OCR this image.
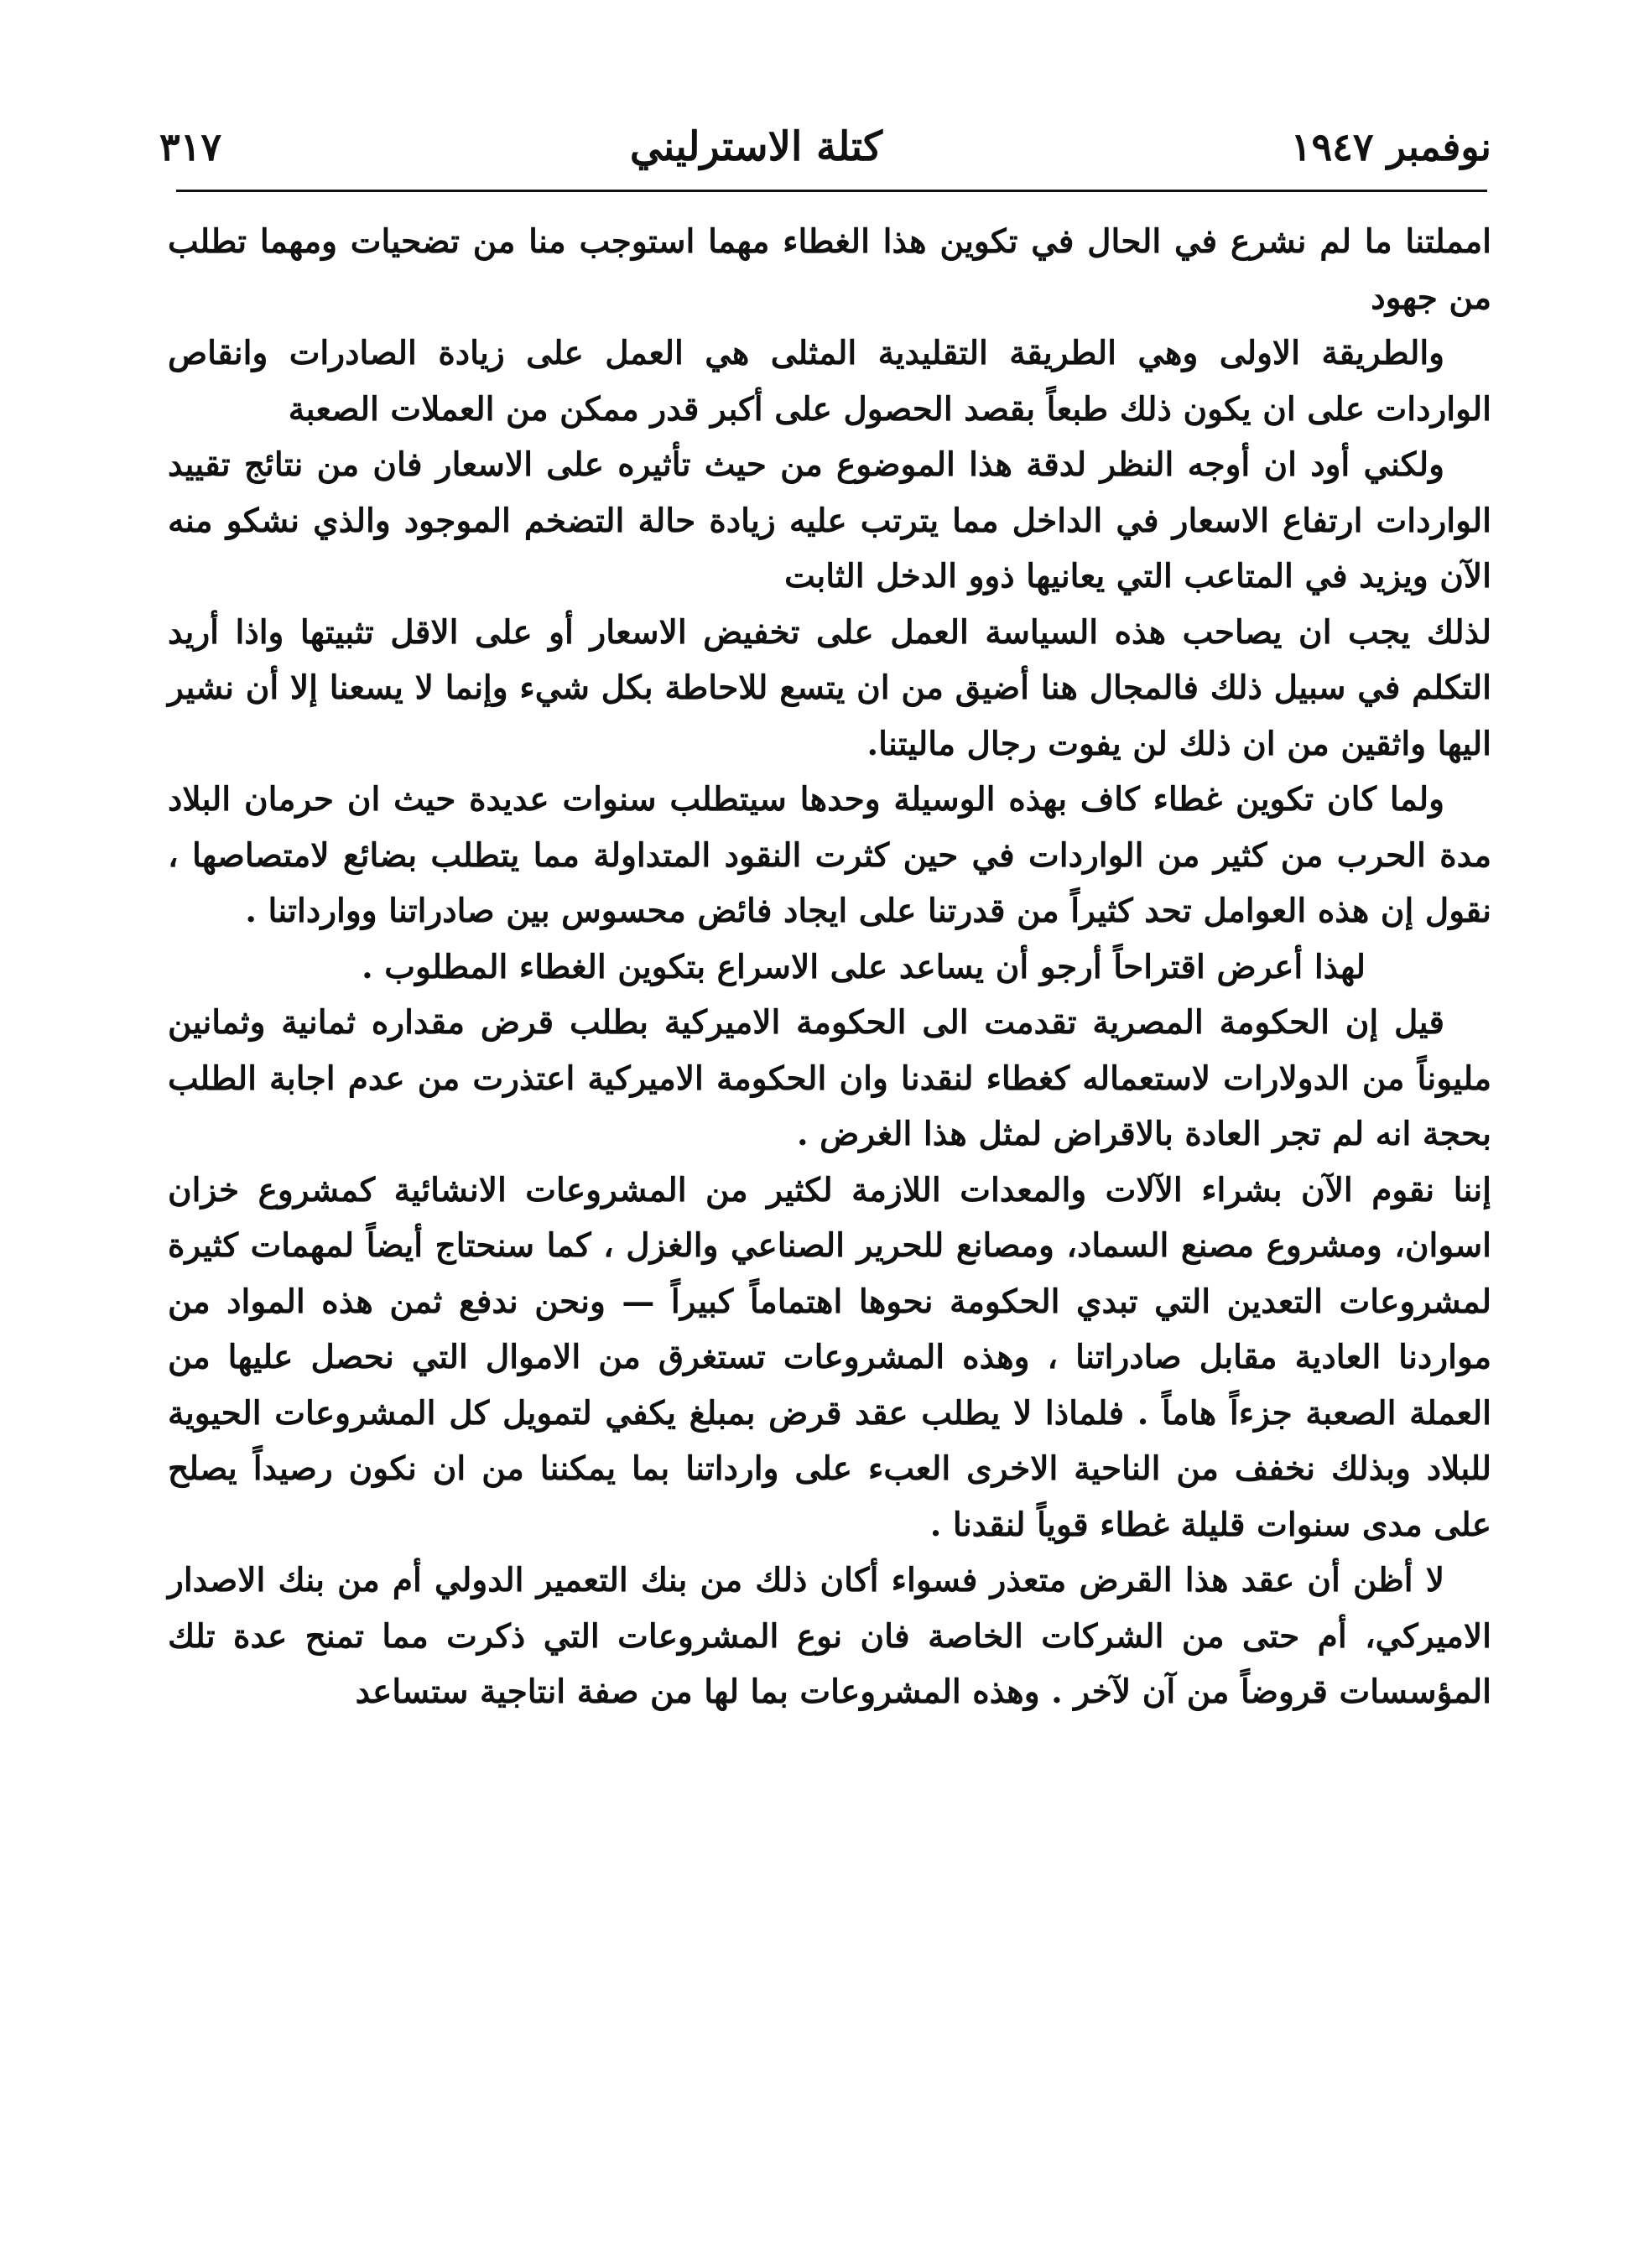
نوفمبر ١٩٤٧
كتلة الاسترليني
٣١٧

امملتنا ما لم نشرع في الحال في تكوين هذا الغطاء مهما استوجب منا من تضحيات ومهما تطلب من جهود

والطريقة الاولى وهي الطريقة التقليدية المثلى هي العمل على زيادة الصادرات وانقاص الواردات على ان يكون ذلك طبعاً بقصد الحصول على أكبر قدر ممكن من العملات الصعبة

ولكني أود ان أوجه النظر لدقة هذا الموضوع من حيث تأثيره على الاسعار فان من نتائج تقييد الواردات ارتفاع الاسعار في الداخل مما يترتب عليه زيادة حالة التضخم الموجود والذي نشكو منه الآن ويزيد في المتاعب التي يعانيها ذوو الدخل الثابت

لذلك يجب ان يصاحب هذه السياسة العمل على تخفيض الاسعار أو على الاقل تثبيتها واذا أريد التكلم في سبيل ذلك فالمجال هنا أضيق من ان يتسع للاحاطة بكل شيء وإنما لا يسعنا إلا أن نشير اليها واثقين من ان ذلك لن يفوت رجال ماليتنا.

ولما كان تكوين غطاء كاف بهذه الوسيلة وحدها سيتطلب سنوات عديدة حيث ان حرمان البلاد مدة الحرب من كثير من الواردات في حين كثرت النقود المتداولة مما يتطلب بضائع لامتصاصها ، نقول إن هذه العوامل تحد كثيراً من قدرتنا على ايجاد فائض محسوس بين صادراتنا ووارداتنا .

لهذا أعرض اقتراحاً أرجو أن يساعد على الاسراع بتكوين الغطاء المطلوب .

قيل إن الحكومة المصرية تقدمت الى الحكومة الاميركية بطلب قرض مقداره ثمانية وثمانين مليوناً من الدولارات لاستعماله كغطاء لنقدنا وان الحكومة الاميركية اعتذرت من عدم اجابة الطلب بحجة انه لم تجر العادة بالاقراض لمثل هذا الغرض .

إننا نقوم الآن بشراء الآلات والمعدات اللازمة لكثير من المشروعات الانشائية كمشروع خزان اسوان، ومشروع مصنع السماد، ومصانع للحرير الصناعي والغزل ، كما سنحتاج أيضاً لمهمات كثيرة لمشروعات التعدين التي تبدي الحكومة نحوها اهتماماً كبيراً — ونحن ندفع ثمن هذه المواد من مواردنا العادية مقابل صادراتنا ، وهذه المشروعات تستغرق من الاموال التي نحصل عليها من العملة الصعبة جزءاً هاماً . فلماذا لا يطلب عقد قرض بمبلغ يكفي لتمويل كل المشروعات الحيوية للبلاد وبذلك نخفف من الناحية الاخرى العبء على وارداتنا بما يمكننا من ان نكون رصيداً يصلح على مدى سنوات قليلة غطاء قوياً لنقدنا .

لا أظن أن عقد هذا القرض متعذر فسواء أكان ذلك من بنك التعمير الدولي أم من بنك الاصدار الاميركي، أم حتى من الشركات الخاصة فان نوع المشروعات التي ذكرت مما تمنح عدة تلك المؤسسات قروضاً من آن لآخر . وهذه المشروعات بما لها من صفة انتاجية ستساعد
